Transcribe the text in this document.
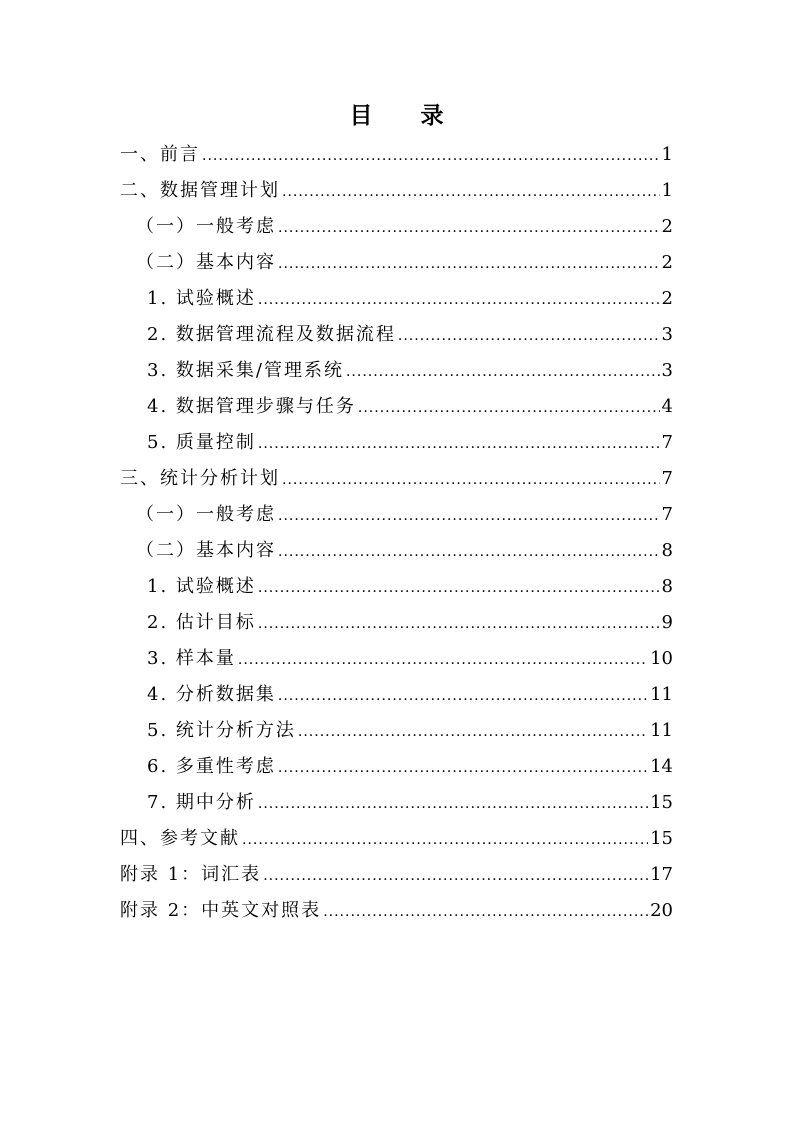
目 录
一、前言 .....	1
二、数据管理计划 .....	1
（一）一般考虑 .....	2
（二）基本内容 .....	2
1. 试验概述 .....	2
2. 数据管理流程及数据流程 .....	3
3. 数据采集/管理系统 .....	3
4. 数据管理步骤与任务 .....	4
5. 质量控制 .....	7
三、统计分析计划 .....	7
（一）一般考虑 .....	7
（二）基本内容 .....	8
1. 试验概述 .....	8
2. 估计目标 .....	9
3. 样本量 .....	10
4. 分析数据集 .....	11
5. 统计分析方法 .....	11
6. 多重性考虑 .....	14
7. 期中分析 .....	15
四、参考文献 .....	15
附录 1：词汇表 .....	17
附录 2：中英文对照表 .....	20
